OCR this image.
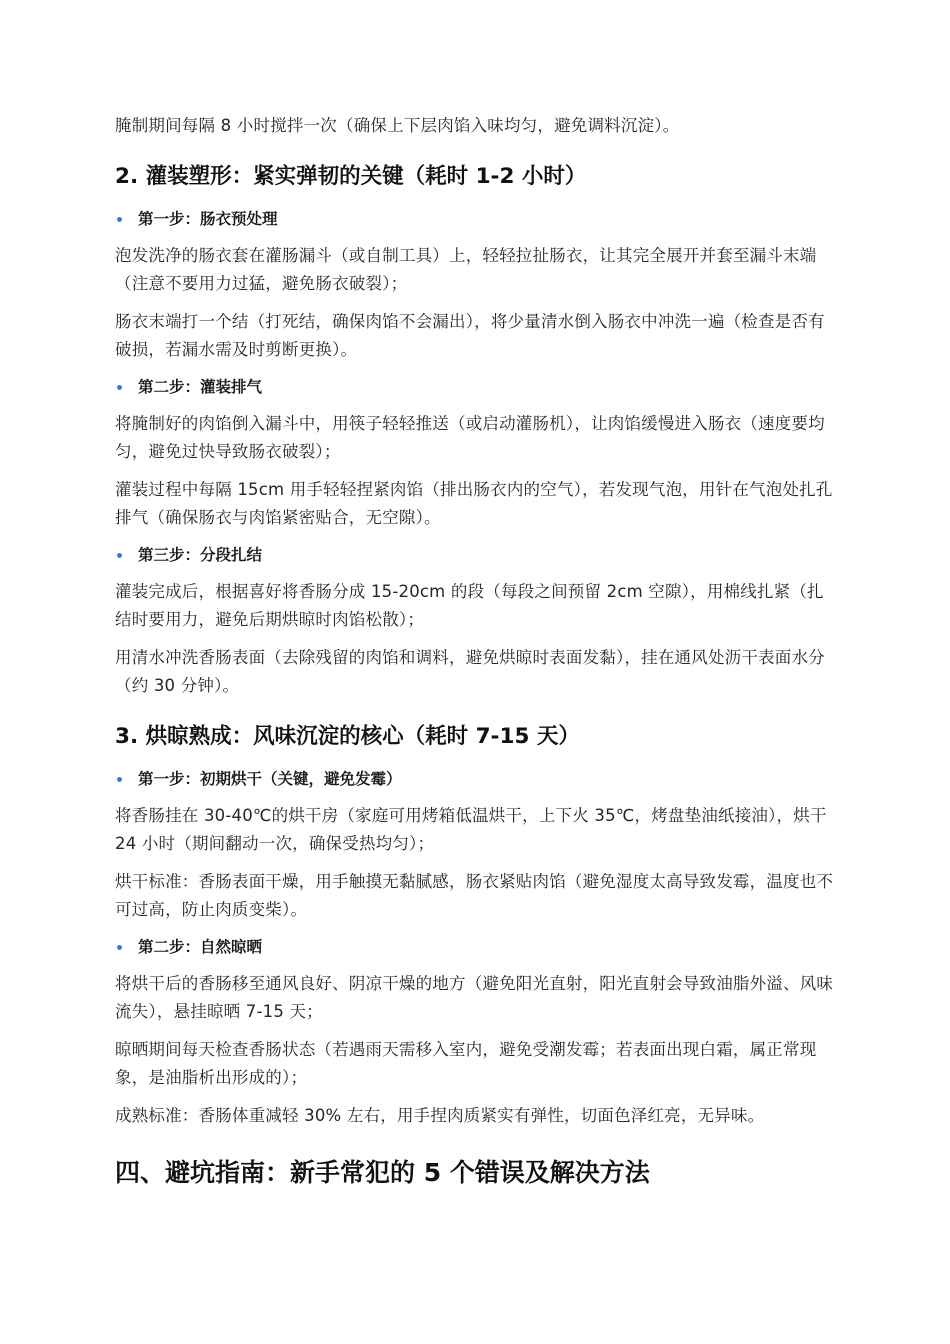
腌制期间每隔 8 小时搅拌一次（确保上下层肉馅入味均匀，避免调料沉淀）。

2. 灌装塑形：紧实弹韧的关键（耗时 1-2 小时）
第一步：肠衣预处理

泡发洗净的肠衣套在灌肠漏斗（或自制工具）上，轻轻拉扯肠衣，让其完全展开并套至漏斗末端（注意不要用力过猛，避免肠衣破裂）；

肠衣末端打一个结（打死结，确保肉馅不会漏出），将少量清水倒入肠衣中冲洗一遍（检查是否有破损，若漏水需及时剪断更换）。

第二步：灌装排气

将腌制好的肉馅倒入漏斗中，用筷子轻轻推送（或启动灌肠机），让肉馅缓慢进入肠衣（速度要均匀，避免过快导致肠衣破裂）；

灌装过程中每隔 15cm 用手轻轻捏紧肉馅（排出肠衣内的空气），若发现气泡，用针在气泡处扎孔排气（确保肠衣与肉馅紧密贴合，无空隙）。

第三步：分段扎结

灌装完成后，根据喜好将香肠分成 15-20cm 的段（每段之间预留 2cm 空隙），用棉线扎紧（扎结时要用力，避免后期烘晾时肉馅松散）；

用清水冲洗香肠表面（去除残留的肉馅和调料，避免烘晾时表面发黏），挂在通风处沥干表面水分（约 30 分钟）。

3. 烘晾熟成：风味沉淀的核心（耗时 7-15 天）
第一步：初期烘干（关键，避免发霉）

将香肠挂在 30-40℃的烘干房（家庭可用烤箱低温烘干，上下火 35℃，烤盘垫油纸接油），烘干 24 小时（期间翻动一次，确保受热均匀）；

烘干标准：香肠表面干燥，用手触摸无黏腻感，肠衣紧贴肉馅（避免湿度太高导致发霉，温度也不可过高，防止肉质变柴）。

第二步：自然晾晒

将烘干后的香肠移至通风良好、阴凉干燥的地方（避免阳光直射，阳光直射会导致油脂外溢、风味流失），悬挂晾晒 7-15 天；

晾晒期间每天检查香肠状态（若遇雨天需移入室内，避免受潮发霉；若表面出现白霜，属正常现象，是油脂析出形成的）；

成熟标准：香肠体重减轻 30% 左右，用手捏肉质紧实有弹性，切面色泽红亮，无异味。

四、避坑指南：新手常犯的 5 个错误及解决方法
